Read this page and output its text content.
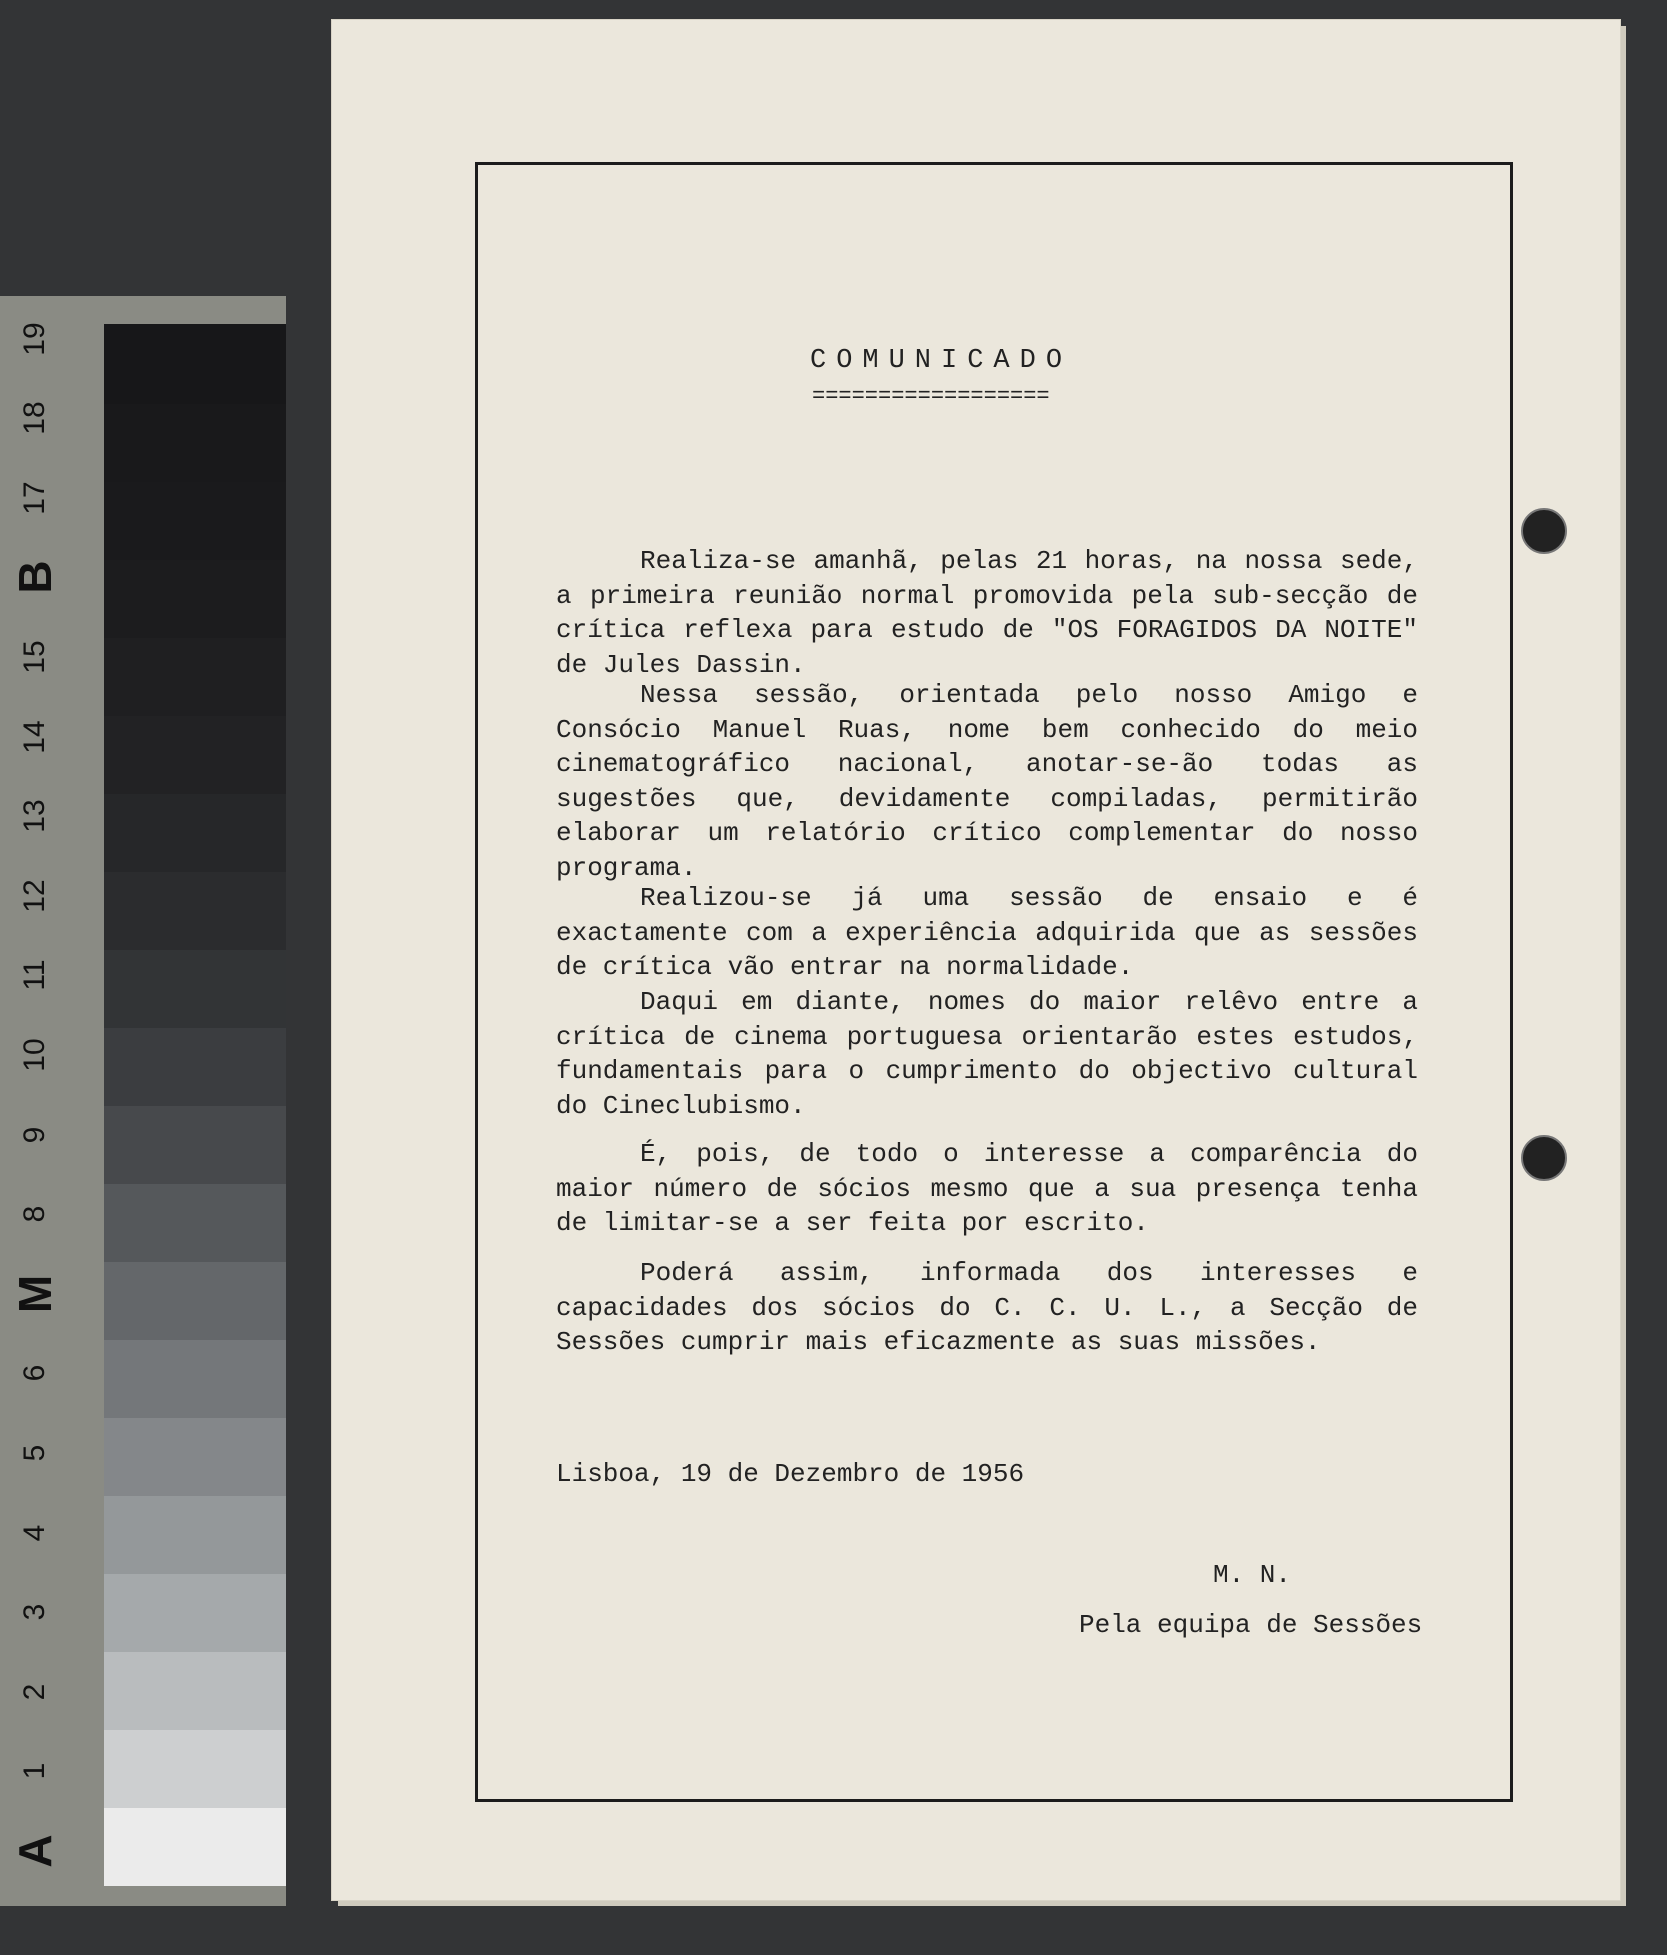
A
1
2
3
4
5
6
M
8
9
10
11
12
13
14
15
B
17
18
19
COMUNICADO
==================
Realiza-se amanhã, pelas 21 horas, na nossa sede, a primeira reunião normal promovida pela sub-secção de crítica reflexa para estudo de "OS FORAGIDOS DA NOITE" de Jules Dassin.
Nessa sessão, orientada pelo nosso Amigo e Consócio Manuel Ruas, nome bem conhecido do meio cinematográfico nacional, anotar-se-ão todas as sugestões que, devidamente compiladas, permitirão elaborar um relatório crítico complementar do nosso programa.
Realizou-se já uma sessão de ensaio e é exactamente com a experiência adquirida que as sessões de crítica vão entrar na normalidade.
Daqui em diante, nomes do maior relêvo entre a crítica de cinema portuguesa orientarão estes estudos, fundamentais para o cumprimento do objectivo cultural do Cineclubismo.
É, pois, de todo o interesse a comparência do maior número de sócios mesmo que a sua presença tenha de limitar-se a ser feita por escrito.
Poderá assim, informada dos interesses e capacidades dos sócios do C. C. U. L., a Secção de Sessões cumprir mais eficazmente as suas missões.
Lisboa, 19 de Dezembro de 1956
M. N.
Pela equipa de Sessões
